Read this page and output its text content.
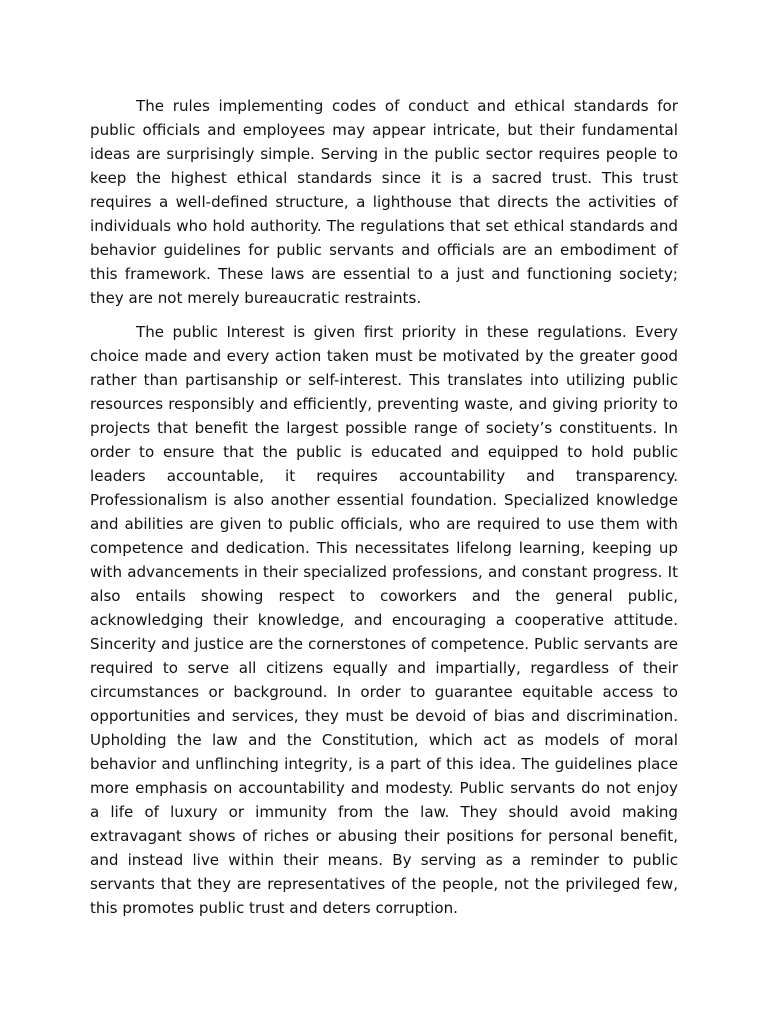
The rules implementing codes of conduct and ethical standards for public officials and employees may appear intricate, but their fundamental ideas are surprisingly simple. Serving in the public sector requires people to keep the highest ethical standards since it is a sacred trust. This trust requires a well-defined structure, a lighthouse that directs the activities of individuals who hold authority. The regulations that set ethical standards and behavior guidelines for public servants and officials are an embodiment of this framework. These laws are essential to a just and functioning society; they are not merely bureaucratic restraints.

The public Interest is given first priority in these regulations. Every choice made and every action taken must be motivated by the greater good rather than partisanship or self-interest. This translates into utilizing public resources responsibly and efficiently, preventing waste, and giving priority to projects that benefit the largest possible range of society’s constituents. In order to ensure that the public is educated and equipped to hold public leaders accountable, it requires accountability and transparency. Professionalism is also another essential foundation. Specialized knowledge and abilities are given to public officials, who are required to use them with competence and dedication. This necessitates lifelong learning, keeping up with advancements in their specialized professions, and constant progress. It also entails showing respect to coworkers and the general public, acknowledging their knowledge, and encouraging a cooperative attitude. Sincerity and justice are the cornerstones of competence. Public servants are required to serve all citizens equally and impartially, regardless of their circumstances or background. In order to guarantee equitable access to opportunities and services, they must be devoid of bias and discrimination. Upholding the law and the Constitution, which act as models of moral behavior and unflinching integrity, is a part of this idea. The guidelines place more emphasis on accountability and modesty. Public servants do not enjoy a life of luxury or immunity from the law. They should avoid making extravagant shows of riches or abusing their positions for personal benefit, and instead live within their means. By serving as a reminder to public servants that they are representatives of the people, not the privileged few, this promotes public trust and deters corruption.
